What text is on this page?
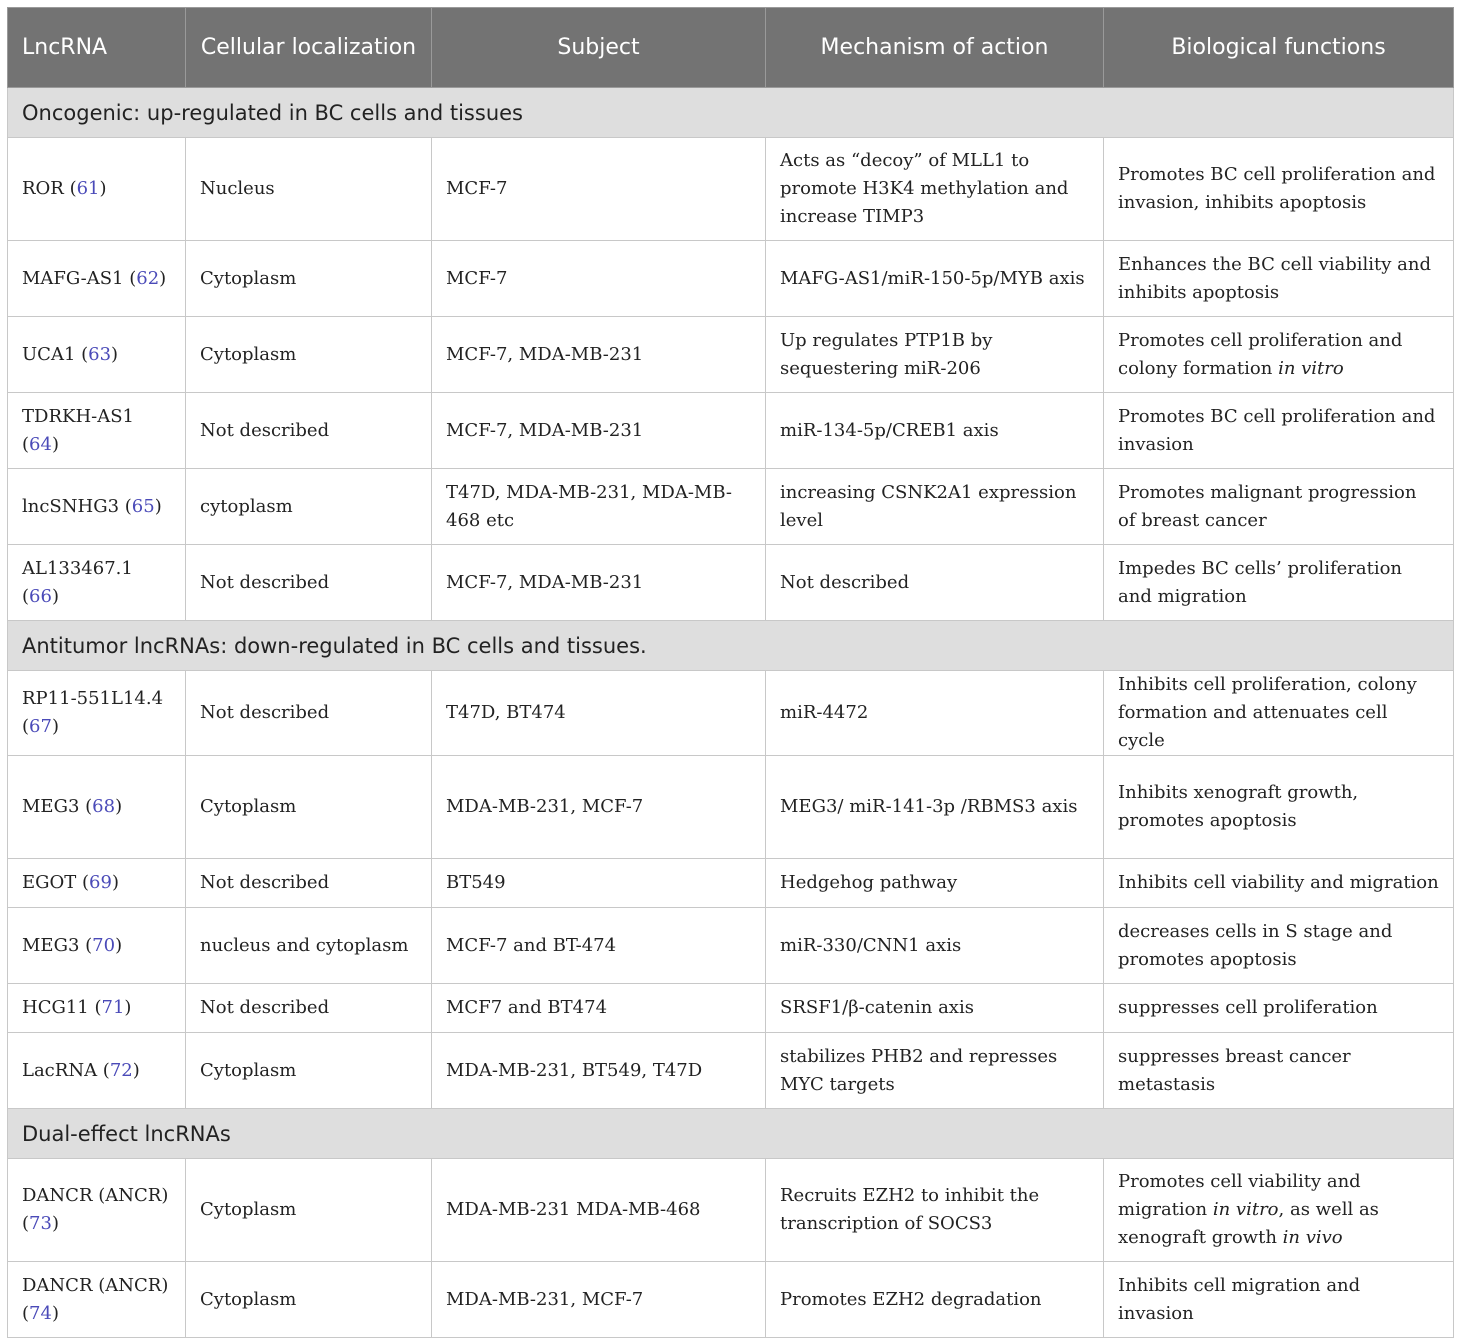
LncRNA	Cellular localization	Subject	Mechanism of action	Biological functions
Oncogenic: up-regulated in BC cells and tissues				
ROR (61)	Nucleus	MCF-7	Acts as “decoy” of MLL1 to promote H3K4 methylation and increase TIMP3	Promotes BC cell proliferation and invasion, inhibits apoptosis
MAFG-AS1 (62)	Cytoplasm	MCF-7	MAFG-AS1/miR-150-5p/MYB axis	Enhances the BC cell viability and inhibits apoptosis
UCA1 (63)	Cytoplasm	MCF-7, MDA-MB-231	Up regulates PTP1B by sequestering miR-206	Promotes cell proliferation and colony formation in vitro
TDRKH-AS1 (64)	Not described	MCF-7, MDA-MB-231	miR-134-5p/CREB1 axis	Promotes BC cell proliferation and invasion
lncSNHG3 (65)	cytoplasm	T47D, MDA-MB-231, MDA-MB-468 etc	increasing CSNK2A1 expression level	Promotes malignant progression of breast cancer
AL133467.1 (66)	Not described	MCF-7, MDA-MB-231	Not described	Impedes BC cells’ proliferation and migration
Antitumor lncRNAs: down-regulated in BC cells and tissues.				
RP11-551L14.4 (67)	Not described	T47D, BT474	miR-4472	Inhibits cell proliferation, colony formation and attenuates cell cycle
MEG3 (68)	Cytoplasm	MDA-MB-231, MCF-7	MEG3/ miR-141-3p /RBMS3 axis	Inhibits xenograft growth, promotes apoptosis
EGOT (69)	Not described	BT549	Hedgehog pathway	Inhibits cell viability and migration
MEG3 (70)	nucleus and cytoplasm	MCF-7 and BT-474	miR-330/CNN1 axis	decreases cells in S stage and promotes apoptosis
HCG11 (71)	Not described	MCF7 and BT474	SRSF1/β-catenin axis	suppresses cell proliferation
LacRNA (72)	Cytoplasm	MDA-MB-231, BT549, T47D	stabilizes PHB2 and represses MYC targets	suppresses breast cancer metastasis
Dual-effect lncRNAs				
DANCR (ANCR) (73)	Cytoplasm	MDA-MB-231 MDA-MB-468	Recruits EZH2 to inhibit the transcription of SOCS3	Promotes cell viability and migration in vitro, as well as xenograft growth in vivo
DANCR (ANCR) (74)	Cytoplasm	MDA-MB-231, MCF-7	Promotes EZH2 degradation	Inhibits cell migration and invasion
